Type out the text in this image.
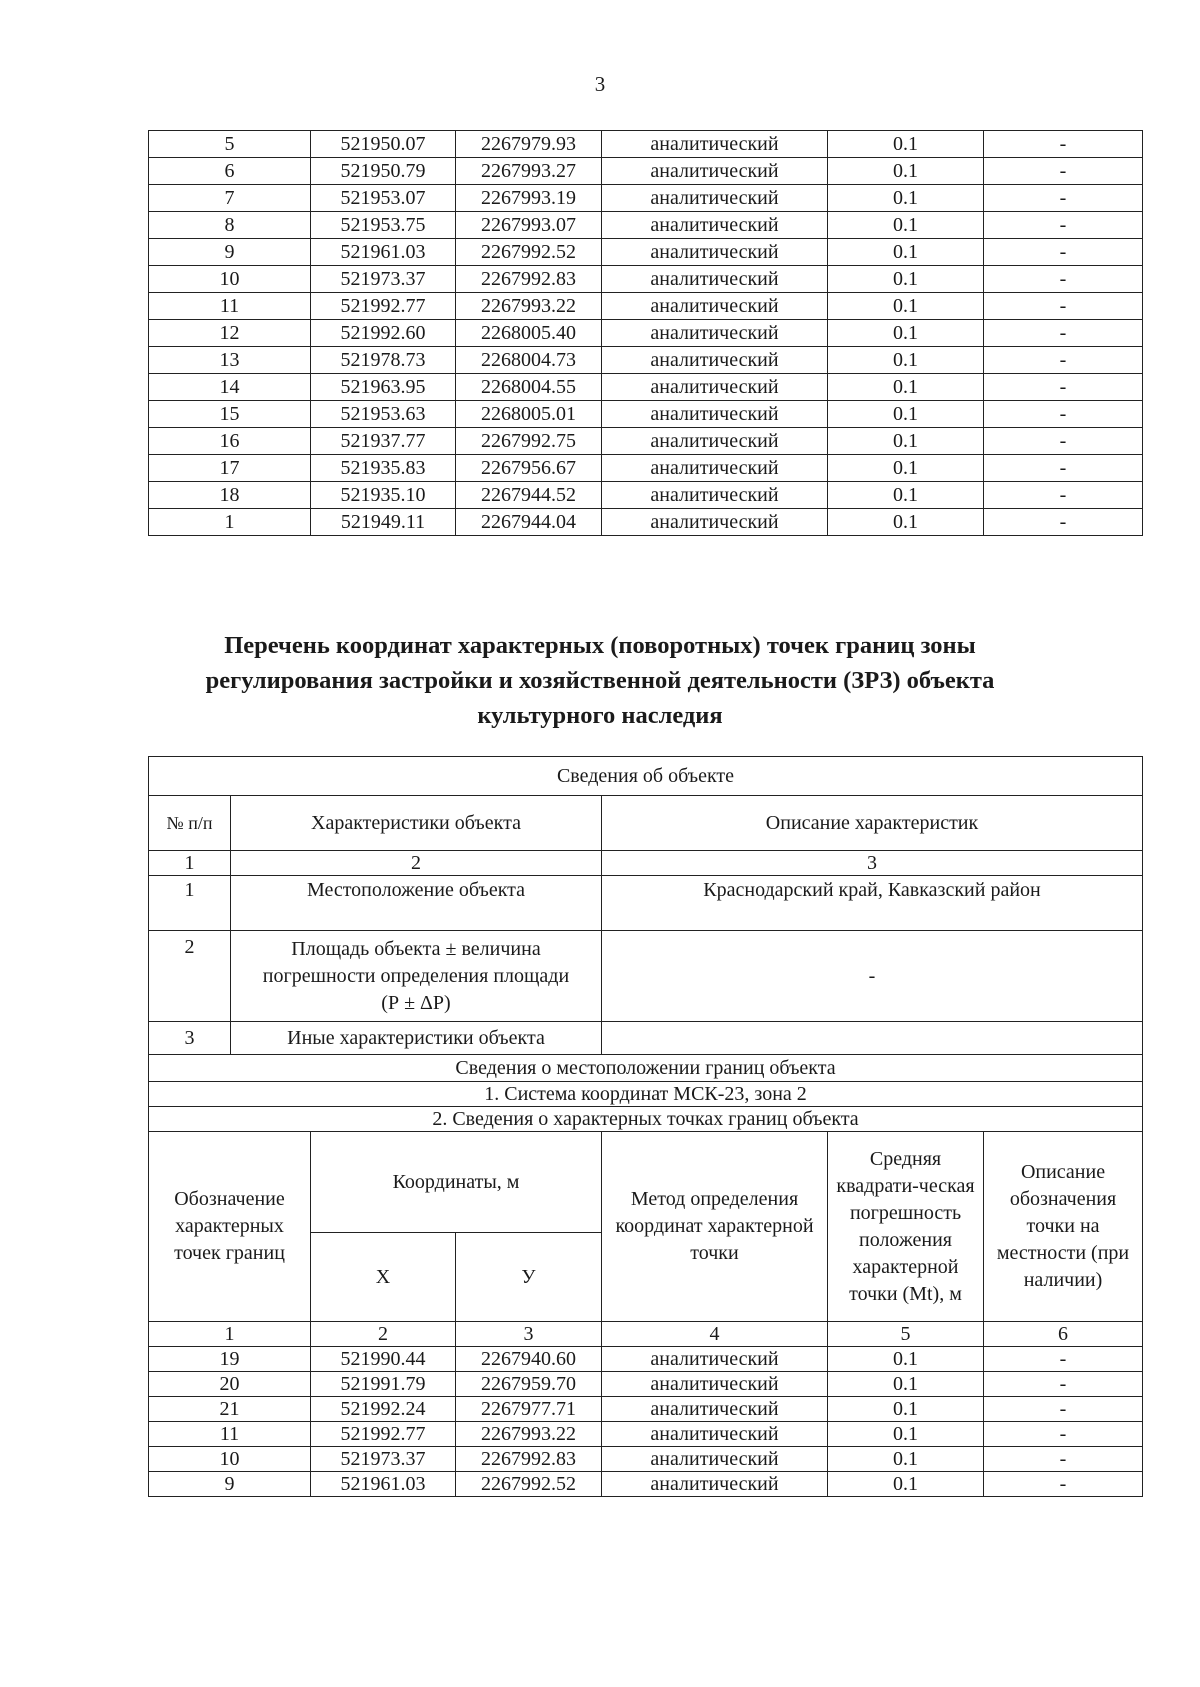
3
5	521950.07	2267979.93	аналитический	0.1	-
6	521950.79	2267993.27	аналитический	0.1	-
7	521953.07	2267993.19	аналитический	0.1	-
8	521953.75	2267993.07	аналитический	0.1	-
9	521961.03	2267992.52	аналитический	0.1	-
10	521973.37	2267992.83	аналитический	0.1	-
11	521992.77	2267993.22	аналитический	0.1	-
12	521992.60	2268005.40	аналитический	0.1	-
13	521978.73	2268004.73	аналитический	0.1	-
14	521963.95	2268004.55	аналитический	0.1	-
15	521953.63	2268005.01	аналитический	0.1	-
16	521937.77	2267992.75	аналитический	0.1	-
17	521935.83	2267956.67	аналитический	0.1	-
18	521935.10	2267944.52	аналитический	0.1	-
1	521949.11	2267944.04	аналитический	0.1	-
Перечень координат характерных (поворотных) точек границ зоны
регулирования застройки и хозяйственной деятельности (ЗРЗ) объекта
культурного наследия
Сведения об объекте						
№ п/п	Характеристики объекта			Описание характеристик		
1	2			3		
1	Местоположение объекта			Краснодарский край, Кавказский район		
2	Площадь объекта ± величина погрешности определения площади (Р ± ΔР)			-		
3	Иные характеристики объекта					
Сведения о местоположении границ объекта						
1. Система координат МСК-23, зона 2						
2. Сведения о характерных точках границ объекта						
Обозначение характерных точек границ		Координаты, м		Метод определения координат характерной точки	Средняя квадрати-ческая погрешность положения характерной точки (Mt), м	Описание обозначения точки на местности (при наличии)
		X	У			
1		2	3	4	5	6
19		521990.44	2267940.60	аналитический	0.1	-
20		521991.79	2267959.70	аналитический	0.1	-
21		521992.24	2267977.71	аналитический	0.1	-
11		521992.77	2267993.22	аналитический	0.1	-
10		521973.37	2267992.83	аналитический	0.1	-
9		521961.03	2267992.52	аналитический	0.1	-
